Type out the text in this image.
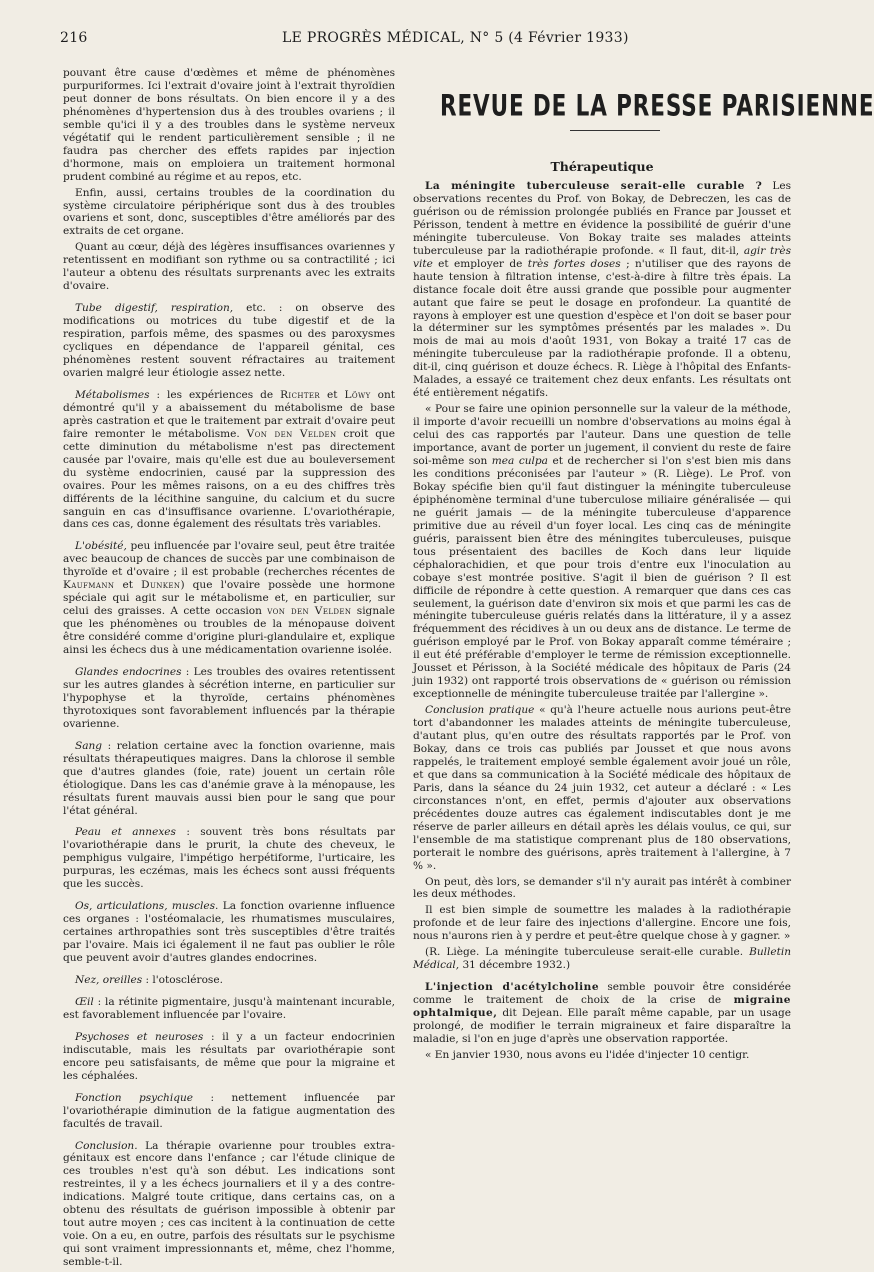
216	LE PROGRÈS MÉDICAL, N° 5 (4 Février 1933)

pouvant être cause d'œdèmes et même de phénomènes purpuriformes. Ici l'extrait d'ovaire joint à l'extrait thyroïdien peut donner de bons résultats. On bien encore il y a des phénomènes d'hypertension dus à des troubles ovariens ; il semble qu'ici il y a des troubles dans le système nerveux végétatif qui le rendent particulièrement sensible ; il ne faudra pas chercher des effets rapides par injection d'hormone, mais on emploiera un traitement hormonal prudent combiné au régime et au repos, etc.

Enfin, aussi, certains troubles de la coordination du système circulatoire périphérique sont dus à des troubles ovariens et sont, donc, susceptibles d'être améliorés par des extraits de cet organe.

Quant au cœur, déjà des légères insuffisances ovariennes y retentissent en modifiant son rythme ou sa contractilité ; ici l'auteur a obtenu des résultats surprenants avec les extraits d'ovaire.

Tube digestif, respiration, etc. : on observe des modifications ou motrices du tube digestif et de la respiration, parfois même, des spasmes ou des paroxysmes cycliques en dépendance de l'appareil génital, ces phénomènes restent souvent réfractaires au traitement ovarien malgré leur étiologie assez nette.

Métabolismes : les expériences de Richter et Löwy ont démontré qu'il y a abaissement du métabolisme de base après castration et que le traitement par extrait d'ovaire peut faire remonter le métabolisme. Von den Velden croit que cette diminution du métabolisme n'est pas directement causée par l'ovaire, mais qu'elle est due au bouleversement du système endocrinien, causé par la suppression des ovaires. Pour les mêmes raisons, on a eu des chiffres très différents de la lécithine sanguine, du calcium et du sucre sanguin en cas d'insuffisance ovarienne. L'ovariothérapie, dans ces cas, donne également des résultats très variables.

L'obésité, peu influencée par l'ovaire seul, peut être traitée avec beaucoup de chances de succès par une combinaison de thyroïde et d'ovaire ; il est probable (recherches récentes de Kaufmann et Dunken) que l'ovaire possède une hormone spéciale qui agit sur le métabolisme et, en particulier, sur celui des graisses. A cette occasion von den Velden signale que les phénomènes ou troubles de la ménopause doivent être considéré comme d'origine pluri-glandulaire et, explique ainsi les échecs dus à une médicamentation ovarienne isolée.

Glandes endocrines : Les troubles des ovaires retentissent sur les autres glandes à sécrétion interne, en particulier sur l'hypophyse et la thyroïde, certains phénomènes thyrotoxiques sont favorablement influencés par la thérapie ovarienne.

Sang : relation certaine avec la fonction ovarienne, mais résultats thérapeutiques maigres. Dans la chlorose il semble que d'autres glandes (foie, rate) jouent un certain rôle étiologique. Dans les cas d'anémie grave à la ménopause, les résultats furent mauvais aussi bien pour le sang que pour l'état général.

Peau et annexes : souvent très bons résultats par l'ovariothérapie dans le prurit, la chute des cheveux, le pemphigus vulgaire, l'impétigo herpétiforme, l'urticaire, les purpuras, les eczémas, mais les échecs sont aussi fréquents que les succès.

Os, articulations, muscles. La fonction ovarienne influence ces organes : l'ostéomalacie, les rhumatismes musculaires, certaines arthropathies sont très susceptibles d'être traités par l'ovaire. Mais ici également il ne faut pas oublier le rôle que peuvent avoir d'autres glandes endocrines.

Nez, oreilles : l'otosclérose.

Œil : la rétinite pigmentaire, jusqu'à maintenant incurable, est favorablement influencée par l'ovaire.

Psychoses et neuroses : il y a un facteur endocrinien indiscutable, mais les résultats par ovariothérapie sont encore peu satisfaisants, de même que pour la migraine et les céphalées.

Fonction psychique : nettement influencée par l'ovariothérapie diminution de la fatigue augmentation des facultés de travail.

Conclusion. La thérapie ovarienne pour troubles extra-génitaux est encore dans l'enfance ; car l'étude clinique de ces troubles n'est qu'à son début. Les indications sont restreintes, il y a les échecs journaliers et il y a des contre-indications. Malgré toute critique, dans certains cas, on a obtenu des résultats de guérison impossible à obtenir par tout autre moyen ; ces cas incitent à la continuation de cette voie. On a eu, en outre, parfois des résultats sur le psychisme qui sont vraiment impressionnants et, même, chez l'homme, semble-t-il.

REVUE DE LA PRESSE PARISIENNE
Thérapeutique

La méningite tuberculeuse serait-elle curable ? Les observations recentes du Prof. von Bokay, de Debreczen, les cas de guérison ou de rémission prolongée publiés en France par Jousset et Périsson, tendent à mettre en évidence la possibilité de guérir d'une méningite tuberculeuse. Von Bokay traite ses malades atteints tuberculeuse par la radiothérapie profonde. « Il faut, dit-il, agir très vite et employer de très fortes doses ; n'utiliser que des rayons de haute tension à filtration intense, c'est-à-dire à filtre très épais. La distance focale doit être aussi grande que possible pour augmenter autant que faire se peut le dosage en profondeur. La quantité de rayons à employer est une question d'espèce et l'on doit se baser pour la déterminer sur les symptômes présentés par les malades ». Du mois de mai au mois d'août 1931, von Bokay a traité 17 cas de méningite tuberculeuse par la radiothérapie profonde. Il a obtenu, dit-il, cinq guérison et douze échecs. R. Liège à l'hôpital des Enfants-Malades, a essayé ce traitement chez deux enfants. Les résultats ont été entièrement négatifs.

« Pour se faire une opinion personnelle sur la valeur de la méthode, il importe d'avoir recueilli un nombre d'observations au moins égal à celui des cas rapportés par l'auteur. Dans une question de telle importance, avant de porter un jugement, il convient du reste de faire soi-même son mea culpa et de rechercher si l'on s'est bien mis dans les conditions préconisées par l'auteur » (R. Liège). Le Prof. von Bokay spécifie bien qu'il faut distinguer la méningite tuberculeuse épiphénomène terminal d'une tuberculose miliaire généralisée — qui ne guérit jamais — de la méningite tuberculeuse d'apparence primitive due au réveil d'un foyer local. Les cinq cas de méningite guéris, paraissent bien être des méningites tuberculeuses, puisque tous présentaient des bacilles de Koch dans leur liquide céphalorachidien, et que pour trois d'entre eux l'inoculation au cobaye s'est montrée positive. S'agit il bien de guérison ? Il est difficile de répondre à cette question. A remarquer que dans ces cas seulement, la guérison date d'environ six mois et que parmi les cas de méningite tuberculeuse guéris relatés dans la littérature, il y a assez fréquemment des récidives à un ou deux ans de distance. Le terme de guérison employé par le Prof. von Bokay apparaît comme téméraire ; il eut été préférable d'employer le terme de rémission exceptionnelle. Jousset et Périsson, à la Société médicale des hôpitaux de Paris (24 juin 1932) ont rapporté trois observations de « guérison ou rémission exceptionnelle de méningite tuberculeuse traitée par l'allergine ».

Conclusion pratique « qu'à l'heure actuelle nous aurions peut-être tort d'abandonner les malades atteints de méningite tuberculeuse, d'autant plus, qu'en outre des résultats rapportés par le Prof. von Bokay, dans ce trois cas publiés par Jousset et que nous avons rappelés, le traitement employé semble également avoir joué un rôle, et que dans sa communication à la Société médicale des hôpitaux de Paris, dans la séance du 24 juin 1932, cet auteur a déclaré : « Les circonstances n'ont, en effet, permis d'ajouter aux observations précédentes douze autres cas également indiscutables dont je me réserve de parler ailleurs en détail après les délais voulus, ce qui, sur l'ensemble de ma statistique comprenant plus de 180 observations, porterait le nombre des guérisons, après traitement à l'allergine, à 7 % ».

On peut, dès lors, se demander s'il n'y aurait pas intérêt à combiner les deux méthodes.

Il est bien simple de soumettre les malades à la radiothérapie profonde et de leur faire des injections d'allergine. Encore une fois, nous n'aurons rien à y perdre et peut-être quelque chose à y gagner. »

(R. Liège. La méningite tuberculeuse serait-elle curable. Bulletin Médical, 31 décembre 1932.)

L'injection d'acétylcholine semble pouvoir être considérée comme le traitement de choix de la crise de migraine ophtalmique, dit Dejean. Elle paraît même capable, par un usage prolongé, de modifier le terrain migraineux et faire disparaître la maladie, si l'on en juge d'après une observation rapportée.

« En janvier 1930, nous avons eu l'idée d'injecter 10 centigr.
